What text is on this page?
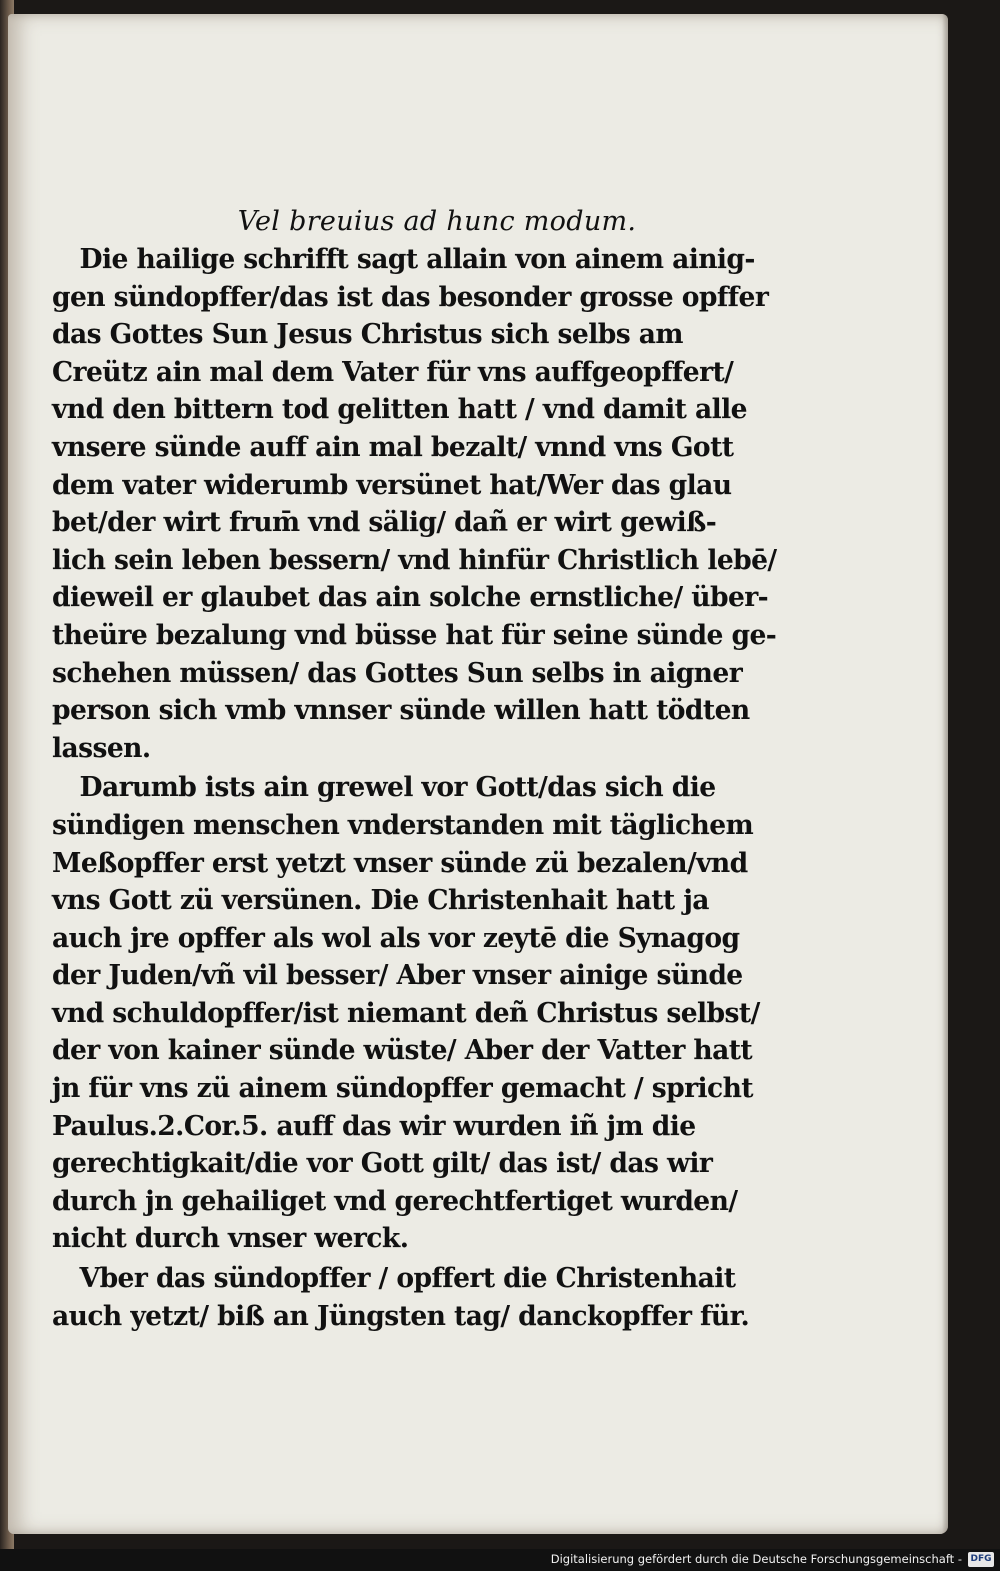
Vel breuius ad hunc modum.
Die hailige schrifft sagt allain von ainem ainig-
gen sündopffer/das ist das besonder grosse opffer
das Gottes Sun Jesus Christus sich selbs am
Creütz ain mal dem Vater für vns auffgeopffert/
vnd den bittern tod gelitten hatt / vnd damit alle
vnsere sünde auff ain mal bezalt/ vnnd vns Gott
dem vater widerumb versünet hat/Wer das glau
bet/der wirt frum̄ vnd sälig/ dañ er wirt gewiß-
lich sein leben bessern/ vnd hinfür Christlich lebē/
dieweil er glaubet das ain solche ernstliche/ über-
theüre bezalung vnd büsse hat für seine sünde ge-
schehen müssen/ das Gottes Sun selbs in aigner
person sich vmb vnnser sünde willen hatt tödten
lassen.
Darumb ists ain grewel vor Gott/das sich die
sündigen menschen vnderstanden mit täglichem
Meßopffer erst yetzt vnser sünde zü bezalen/vnd
vns Gott zü versünen. Die Christenhait hatt ja
auch jre opffer als wol als vor zeytē die Synagog
der Juden/vñ vil besser/ Aber vnser ainige sünde
vnd schuldopffer/ist niemant deñ Christus selbst/
der von kainer sünde wüste/ Aber der Vatter hatt
jn für vns zü ainem sündopffer gemacht / spricht
Paulus.2.Cor.5. auff das wir wurden iñ jm die
gerechtigkait/die vor Gott gilt/ das ist/ das wir
durch jn gehailiget vnd gerechtfertiget wurden/
nicht durch vnser werck.
Vber das sündopffer / opffert die Christenhait
auch yetzt/ biß an Jüngsten tag/ danckopffer für.
Digitalisierung gefördert durch die Deutsche Forschungsgemeinschaft - DFG
